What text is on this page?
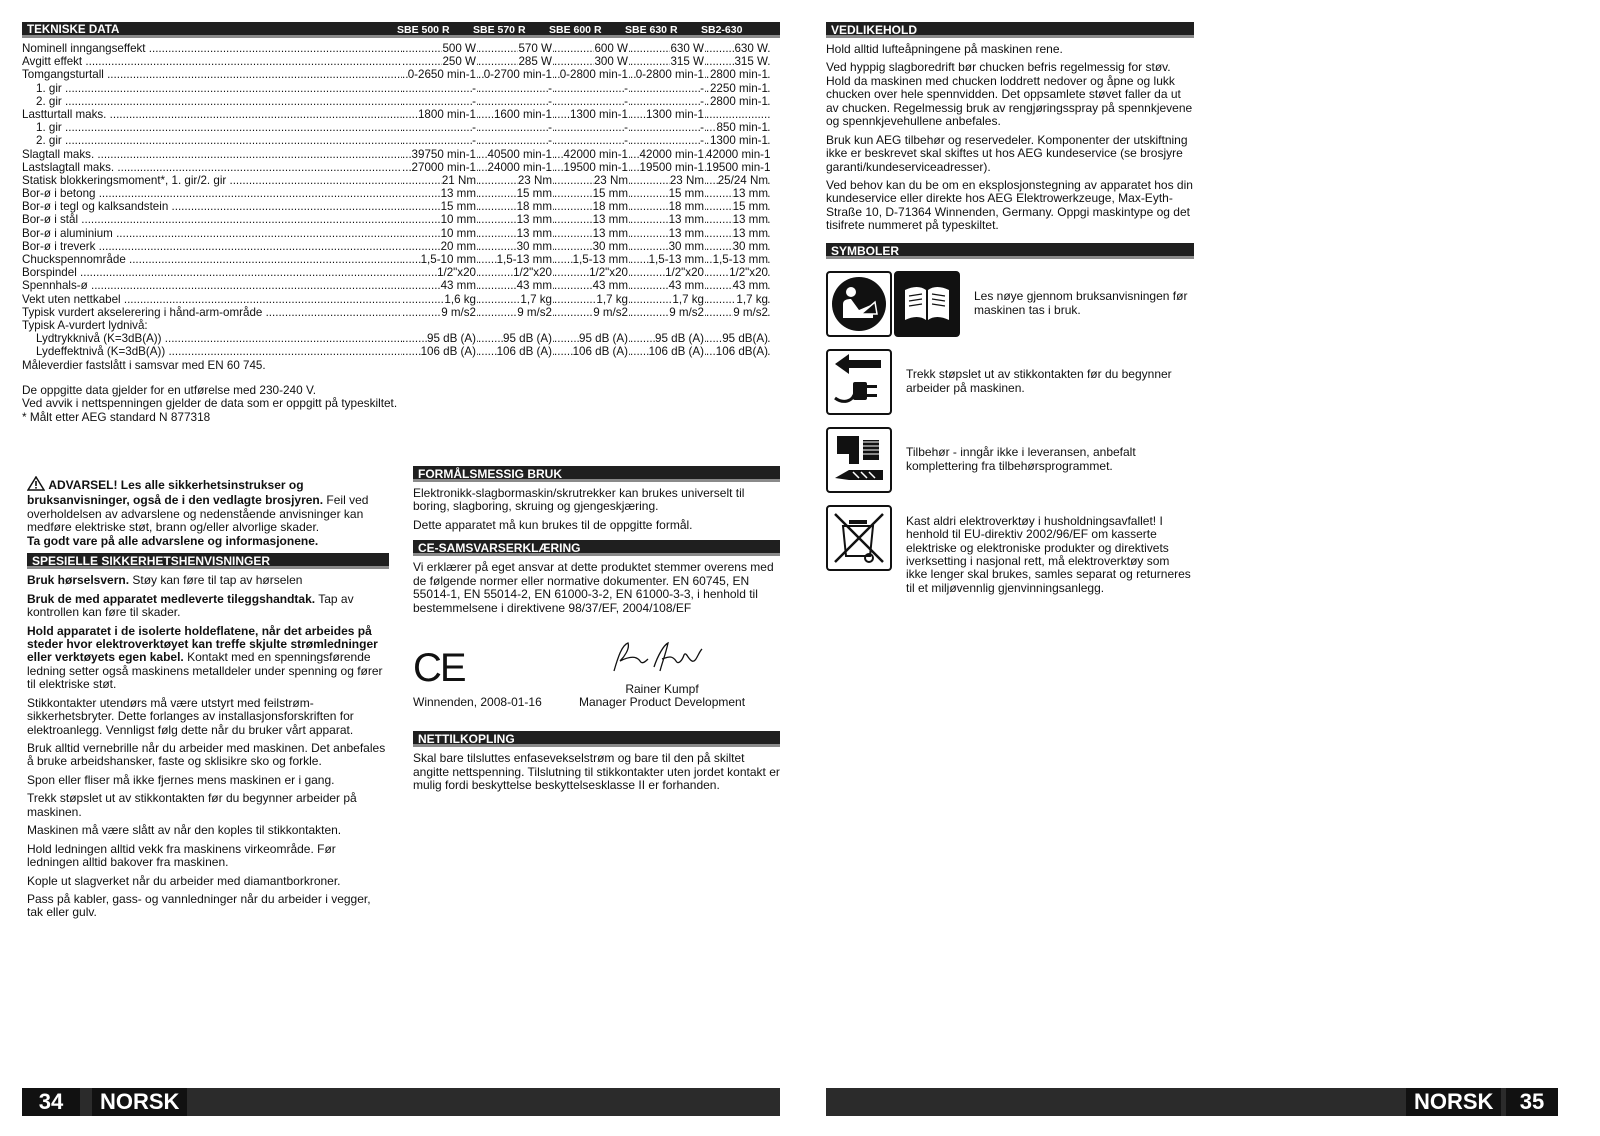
TEKNISKE DATA	SBE 500 R	SBE 570 R	SBE 600 R	SBE 630 R	SB2-630
Nominell inngangseffekt .....	..... 500 W	..... 570 W	..... 600 W	..... 630 W	..... 630 W
Avgitt effekt .....	..... 250 W	..... 285 W	..... 300 W	..... 315 W	..... 315 W
Tomgangsturtall .....	..... 0-2650 min-1 ..... 0-2700 min-1 ..... 0-2800 min-1 ..... 0-2800 min-1 ..... 2800 min-1
1. gir .....	..... -	..... -	..... -	..... - ..... 2250 min-1
2. gir .....	..... -	..... -	..... -	..... - ..... 2800 min-1
Lastturtall maks. .....	..... 1800 min-1	..... 1600 min-1	..... 1300 min-1	..... 1300 min-1
.....
1. gir .....	..... -	..... -	..... -	..... -	..... 850 min-1
2. gir .....	..... -	..... -	..... -	..... - ..... 1300 min-1
Slagtall maks. .....	..... 39750 min-1 ..... 40500 min-1 ..... 42000 min-1 ..... 42000 min-1 ..... 42000 min-1
Lastslagtall maks. .....	..... 27000 min-1 ..... 24000 min-1 ..... 19500 min-1 ..... 19500 min-1 ..... 19500 min-1
Statisk blokkeringsmoment*, 1. gir/2. gir .....	..... 21 Nm	..... 23 Nm	..... 23 Nm	..... 23 Nm	..... 25/24 Nm
Bor-ø i betong .....	..... 13 mm	..... 15 mm	..... 15 mm	..... 15 mm	..... 13 mm
Bor-ø i tegl og kalksandstein .....	..... 15 mm	..... 18 mm	..... 18 mm	..... 18 mm	..... 15 mm
Bor-ø i stål .....	..... 10 mm	..... 13 mm	..... 13 mm	..... 13 mm	..... 13 mm
Bor-ø i aluminium .....	..... 10 mm	..... 13 mm	..... 13 mm	..... 13 mm	..... 13 mm
Bor-ø i treverk .....	..... 20 mm	..... 30 mm	..... 30 mm	..... 30 mm	..... 30 mm
Chuckspennområde .....	..... 1,5-10 mm	..... 1,5-13 mm	..... 1,5-13 mm	..... 1,5-13 mm ..... 1,5-13 mm
Borspindel .....	..... 1/2"x20	..... 1/2"x20	..... 1/2"x20	..... 1/2"x20	..... 1/2"x20
Spennhals-ø .....	..... 43 mm	..... 43 mm	..... 43 mm	..... 43 mm	..... 43 mm
Vekt uten nettkabel .....	..... 1,6 kg	..... 1,7 kg	..... 1,7 kg	..... 1,7 kg	..... 1,7 kg
Typisk vurdert akselerering i hånd-arm-område .....	..... 9 m/s2	..... 9 m/s2	..... 9 m/s2	..... 9 m/s2	..... 9 m/s2
Typisk A-vurdert lydnivå:
Lydtrykknivå (K=3dB(A)) .....	..... 95 dB (A)	..... 95 dB (A)	..... 95 dB (A)	..... 95 dB (A)	..... 95 dB(A)
Lydeffektnivå (K=3dB(A)) .....	..... 106 dB (A)	..... 106 dB (A)	..... 106 dB (A)	..... 106 dB (A)	..... 106 dB(A)
Måleverdier fastslått i samsvar med EN 60 745.
De oppgitte data gjelder for en utførelse med 230-240 V.
Ved avvik i nettspenningen gjelder de data som er oppgitt på typeskiltet.
* Målt etter AEG standard N 877318

ADVARSEL! Les alle sikkerhetsinstrukser og bruksanvisninger, også de i den vedlagte brosjyren. Feil ved overholdelsen av advarslene og nedenstående anvisninger kan medføre elektriske støt, brann og/eller alvorlige skader.
Ta godt vare på alle advarslene og informasjonene.

SPESIELLE SIKKERHETSHENVISNINGER

Bruk hørselsvern. Støy kan føre til tap av hørselen

Bruk de med apparatet medleverte tileggshandtak. Tap av kontrollen kan føre til skader.

Hold apparatet i de isolerte holdeflatene, når det arbeides på steder hvor elektroverktøyet kan treffe skjulte strømledninger eller verktøyets egen kabel. Kontakt med en spenningsførende ledning setter også maskinens metalldeler under spenning og fører til elektriske støt.

Stikkontakter utendørs må være utstyrt med feilstrøm-sikkerhetsbryter. Dette forlanges av installasjonsforskriften for elektroanlegg. Vennligst følg dette når du bruker vårt apparat.

Bruk alltid vernebrille når du arbeider med maskinen. Det anbefales å bruke arbeidshansker, faste og sklisikre sko og forkle.

Spon eller fliser må ikke fjernes mens maskinen er i gang.

Trekk støpslet ut av stikkontakten før du begynner arbeider på maskinen.

Maskinen må være slått av når den koples til stikkontakten.

Hold ledningen alltid vekk fra maskinens virkeområde. Før ledningen alltid bakover fra maskinen.

Kople ut slagverket når du arbeider med diamantborkroner.

Pass på kabler, gass- og vannledninger når du arbeider i vegger, tak eller gulv.

FORMÅLSMESSIG BRUK

Elektronikk-slagbormaskin/skrutrekker kan brukes universelt til boring, slagboring, skruing og gjengeskjæring.

Dette apparatet må kun brukes til de oppgitte formål.

CE-SAMSVARSERKLÆRING

Vi erklærer på eget ansvar at dette produktet stemmer overens med de følgende normer eller normative dokumenter. EN 60745, EN 55014-1, EN 55014-2, EN 61000-3-2, EN 61000-3-3, i henhold til bestemmelsene i direktivene 98/37/EF, 2004/108/EF

CE
Winnenden, 2008-01-16
Rainer Kumpf
Manager Product Development
NETTILKOPLING

Skal bare tilsluttes enfasevekselstrøm og bare til den på skiltet angitte nettspenning. Tilslutning til stikkontakter uten jordet kontakt er mulig fordi beskyttelse beskyttelsesklasse II er forhanden.

VEDLIKEHOLD

Hold alltid lufteåpningene på maskinen rene.

Ved hyppig slagboredrift bør chucken befris regelmessig for støv. Hold da maskinen med chucken loddrett nedover og åpne og lukk chucken over hele spennvidden. Det oppsamlete støvet faller da ut av chucken. Regelmessig bruk av rengjøringsspray på spennkjevene og spennkjevehullene anbefales.

Bruk kun AEG tilbehør og reservedeler. Komponenter der utskiftning ikke er beskrevet skal skiftes ut hos AEG kundeservice (se brosjyre garanti/kundeserviceadresser).

Ved behov kan du be om en eksplosjonstegning av apparatet hos din kundeservice eller direkte hos AEG Elektrowerkzeuge, Max-Eyth-Straße 10, D-71364 Winnenden, Germany. Oppgi maskintype og det tisifrete nummeret på typeskiltet.

SYMBOLER
Les nøye gjennom bruksanvisningen før maskinen tas i bruk.
Trekk støpslet ut av stikkontakten før du begynner arbeider på maskinen.
Tilbehør - inngår ikke i leveransen, anbefalt komplettering fra tilbehørsprogrammet.
Kast aldri elektroverktøy i husholdningsavfallet! I henhold til EU-direktiv 2002/96/EF om kasserte elektriske og elektroniske produkter og direktivets iverksetting i nasjonal rett, må elektroverktøy som ikke lenger skal brukes, samles separat og returneres til et miljøvennlig gjenvinningsanlegg.
34	NORSK	NORSK	35
